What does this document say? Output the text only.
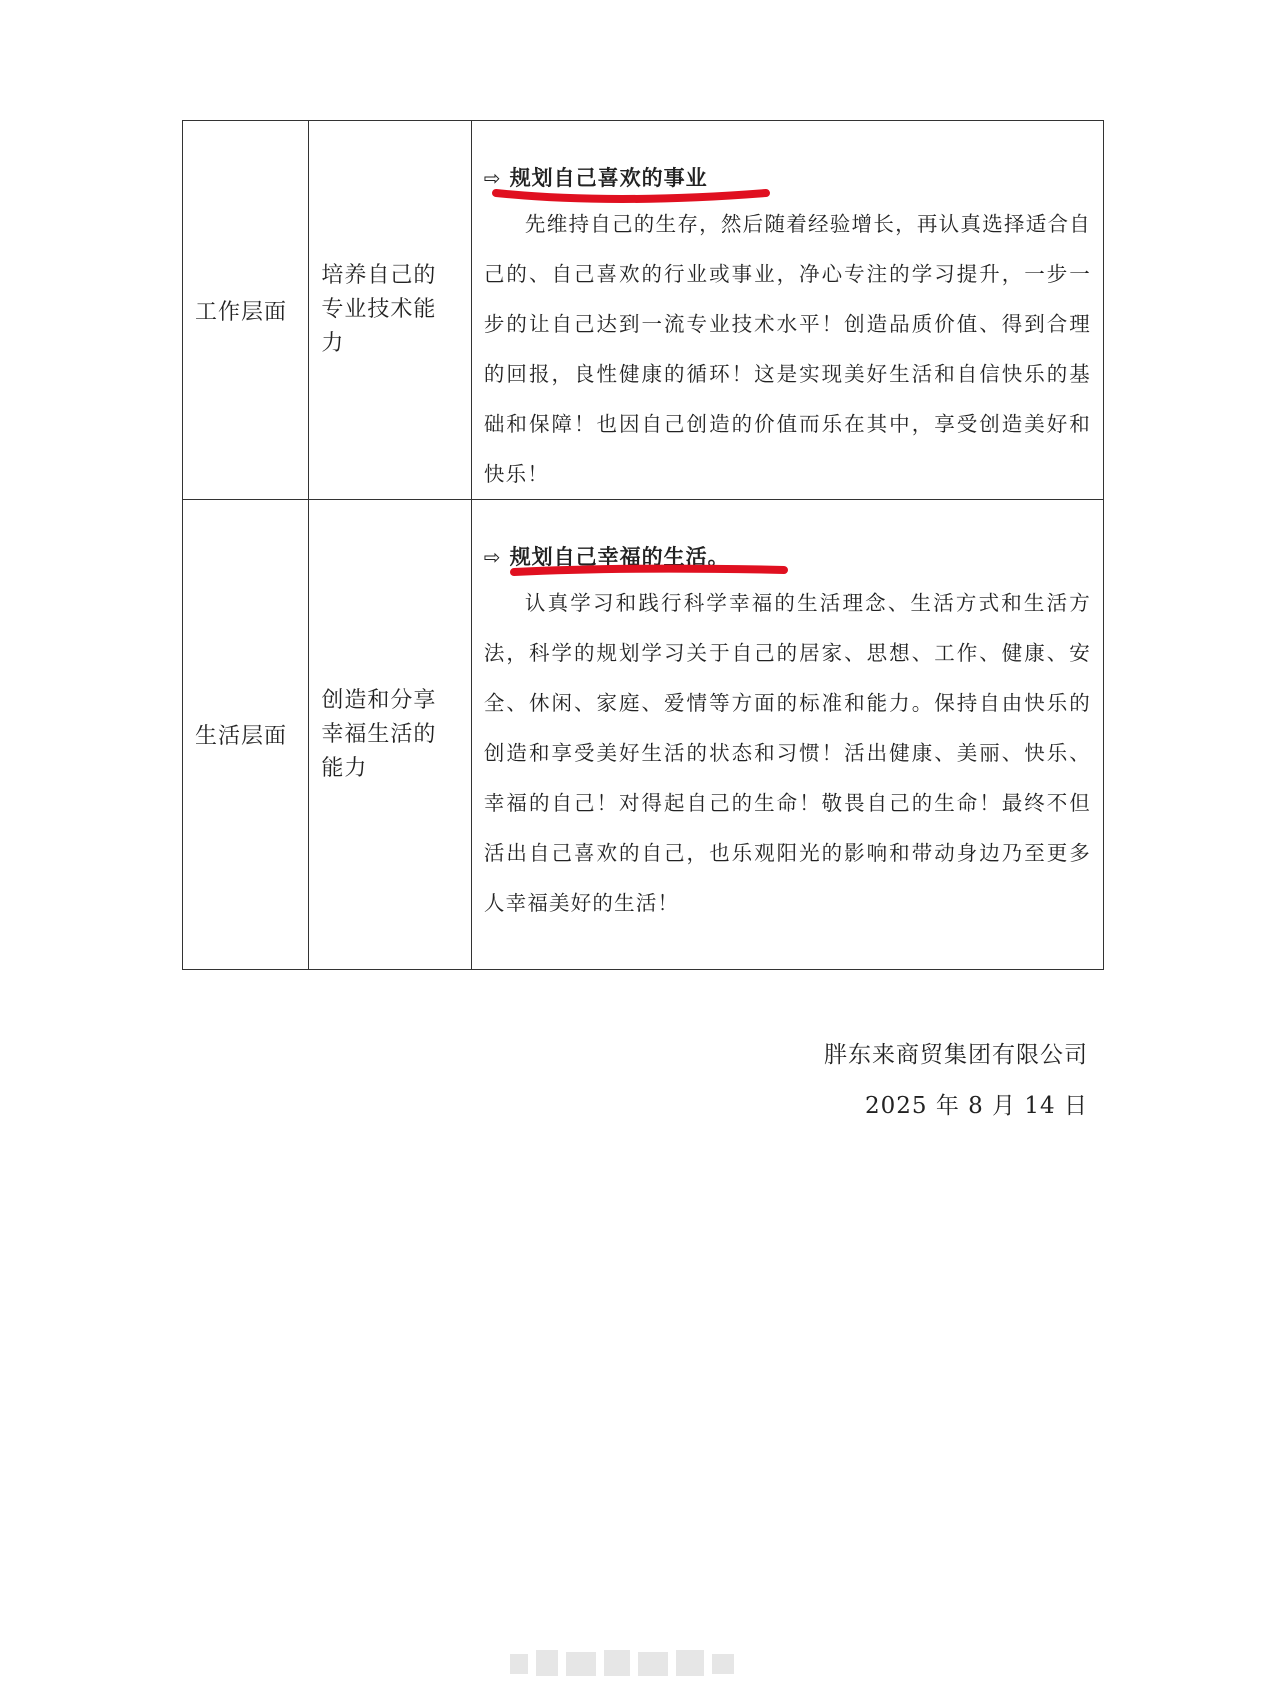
工作层面	培养自己的专业技术能力	⇨ 规划自己喜欢的事业

先维持自己的生存，然后随着经验增长，再认真选择适合自己的、自己喜欢的行业或事业，净心专注的学习提升，一步一步的让自己达到一流专业技术水平！创造品质价值、得到合理的回报，良性健康的循环！这是实现美好生活和自信快乐的基础和保障！也因自己创造的价值而乐在其中，享受创造美好和快乐！

生活层面	创造和分享幸福生活的能力	⇨ 规划自己幸福的生活。

认真学习和践行科学幸福的生活理念、生活方式和生活方法，科学的规划学习关于自己的居家、思想、工作、健康、安全、休闲、家庭、爱情等方面的标准和能力。保持自由快乐的创造和享受美好生活的状态和习惯！活出健康、美丽、快乐、幸福的自己！对得起自己的生命！敬畏自己的生命！最终不但活出自己喜欢的自己，也乐观阳光的影响和带动身边乃至更多人幸福美好的生活！

胖东来商贸集团有限公司
2025 年 8 月 14 日
